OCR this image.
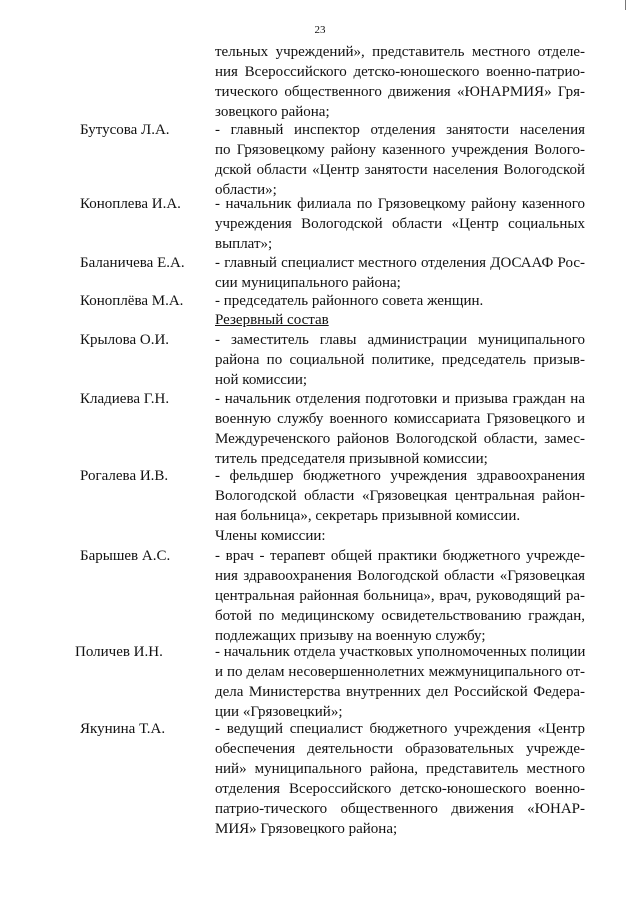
23
тельных учреждений», представитель местного отделе-
ния Всероссийского детско-юношеского военно-патрио-
тического общественного движения «ЮНАРМИЯ» Гря-
зовецкого района;
Бутусова Л.А.	- главный инспектор отделения занятости населения
по Грязовецкому району казенного учреждения Волого-
дской области «Центр занятости населения Вологодской
области»;
Коноплева И.А.	- начальник филиала по Грязовецкому району казенного
учреждения Вологодской области «Центр социальных
выплат»;
Баланичева Е.А.	- главный специалист местного отделения ДОСААФ Рос-
сии муниципального района;
Коноплёва М.А.	- председатель районного совета женщин.
Резервный состав
Крылова О.И.	- заместитель главы администрации муниципального
района по социальной политике, председатель призыв-
ной комиссии;
Кладиева Г.Н.	- начальник отделения подготовки и призыва граждан на
военную службу военного комиссариата Грязовецкого и
Междуреченского районов Вологодской области, замес-
титель председателя призывной комиссии;
Рогалева И.В.	- фельдшер бюджетного учреждения здравоохранения
Вологодской области «Грязовецкая центральная район-
ная больница», секретарь призывной комиссии.
Члены комиссии:
Барышев А.С.	- врач - терапевт общей практики бюджетного учрежде-
ния здравоохранения Вологодской области «Грязовецкая
центральная районная больница», врач, руководящий ра-
ботой по медицинскому освидетельствованию граждан,
подлежащих призыву на военную службу;
Поличев И.Н.	- начальник отдела участковых уполномоченных полиции
и по делам несовершеннолетних межмуниципального от-
дела Министерства внутренних дел Российской Федера-
ции «Грязовецкий»;
Якунина Т.А.	- ведущий специалист бюджетного учреждения «Центр
обеспечения деятельности образовательных учрежде-
ний» муниципального района, представитель местного
отделения Всероссийского детско-юношеского военно-
патрио-тического общественного движения «ЮНАР-
МИЯ» Грязовецкого района;
